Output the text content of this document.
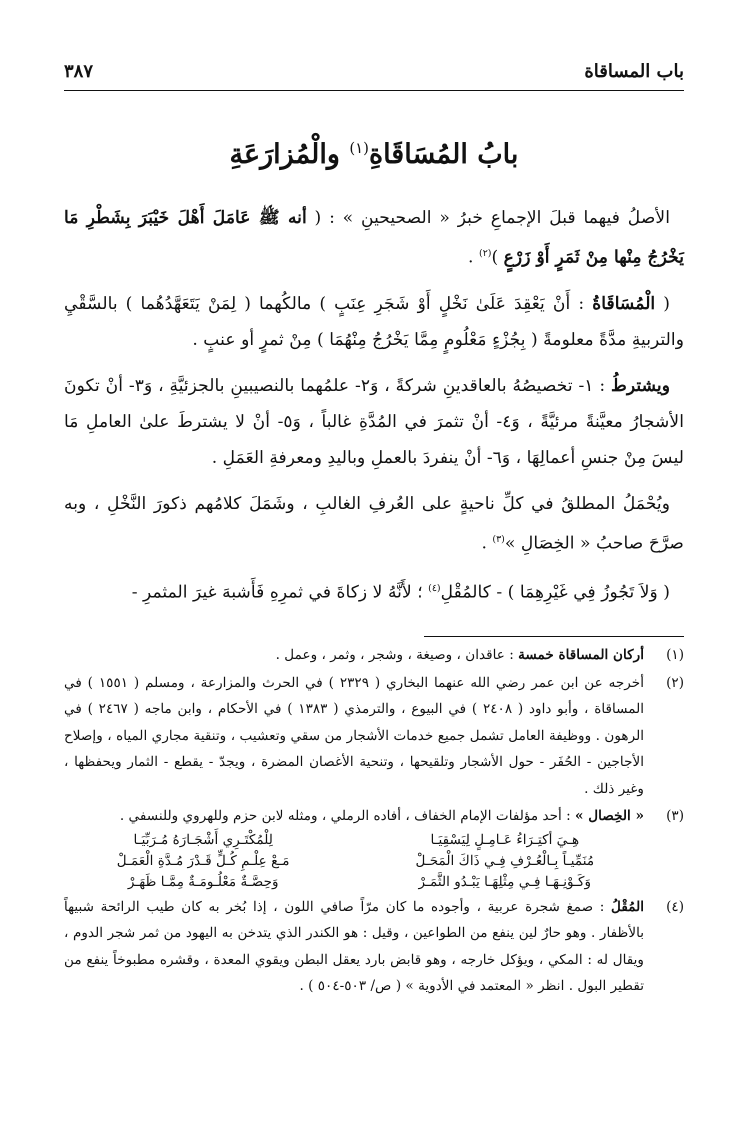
باب المساقاة
٣٨٧
بابُ المُسَاقَاةِ$^{(١)}$ والْمُزارَعَةِ

الأصلُ فيهما قبلَ الإجماعِ خبرُ « الصحيحينِ » : ( أنه ﷺ عَامَلَ أَهْلَ خَيْبَرَ بِشَطْرِ مَا يَخْرُجُ مِنْها مِنْ ثَمَرٍ أَوْ زَرْعٍ )$^{(٢)}$ .

( الْمُسَاقَاةُ : أَنْ يَعْقِدَ عَلَىٰ نَخْلٍ أَوْ شَجَرِ عِنَبٍ ) مالكُهما ( لِمَنْ يَتَعَهَّدُهُما ) بالسَّقْيِ والتربيةِ مدَّةً معلومةً ( بِجُزْءٍ مَعْلُومٍ مِمَّا يَخْرُجُ مِنْهُمَا ) مِنْ ثمرٍ أو عنبٍ .

ويشترطُ : ١- تخصيصُهُ بالعاقدينِ شركةً ، وَ٢- علمُهما بالنصيبينِ بالجزئيَّةِ ، وَ٣- أنْ تكونَ الأشجارُ معيَّنةً مرئيَّةً ، وَ٤- أنْ تثمرَ في المُدَّةِ غالباً ، وَ٥- أنْ لا يشترطَ علىٰ العاملِ مَا ليسَ مِنْ جنسِ أعمالِهَا ، وَ٦- أنْ ينفردَ بالعملِ وباليدِ ومعرفةِ العَمَلِ .

ويُحْمَلُ المطلقُ في كلِّ ناحيةٍ على العُرفِ الغالبِ ، وشَمَلَ كلامُهم ذكورَ النَّخْلِ ، وبه صرَّحَ صاحبُ « الخِصَالِ »$^{(٣)}$ .

( وَلاَ تَجُوزُ فِي غَيْرِهِمَا ) - كالمُقْلِ$^{(٤)}$ ؛ لأَنَّهُ لا زكاةَ في ثمرِهِ فَأَشبهَ غيرَ المثمرِ -

(١)
أركان المساقاة خمسة : عاقدان ، وصيغة ، وشجر ، وثمر ، وعمل .
(٢)
أخرجه عن ابن عمر رضي الله عنهما البخاري ( ٢٣٢٩ ) في الحرث والمزارعة ، ومسلم ( ١٥٥١ ) في المساقاة ، وأبو داود ( ٢٤٠٨ ) في البيوع ، والترمذي ( ١٣٨٣ ) في الأحكام ، وابن ماجه ( ٢٤٦٧ ) في الرهون . ووظيفة العامل تشمل جميع خدمات الأشجار من سقي وتعشيب ، وتنقية مجاري المياه ، وإصلاح الأجاجين - الحُفَر - حول الأشجار وتلقيحها ، وتنحية الأغصان المضرة ، ويجدّ - يقطع - الثمار ويحفظها ، وغير ذلك .
(٣)
« الخِصال » : أحد مؤلفات الإمام الخفاف ، أفاده الرملي ، ومثله لابن حزم وللهروي وللنسفي .
هِـيَ أكتِـرَاءُ عَـامِـلٍ لِيَسْقِيَـا
لِلْمُكْتَـرِي أَشْجَـارَهُ مُـرَبِّيَـا
مُنَمِّيـاً بِـالْعُـرْفِ فِـي ذَاكَ الْمَحَـلْ
مَـعْ عِلْـمِ كُـلٍّ قَـدْرَ مُـدَّةِ الْعَمَـلْ
وَكَـوْنِـهَـا فِـي مِثْلِهَـا يَبْـدُو الثَّمَـرْ
وَحِصَّـةٌ مَعْلُـومَـةٌ مِمَّـا ظَهَـرْ
(٤)
المُقْلُ : صمغ شجرة عربية ، وأجوده ما كان مرّاً صافي اللون ، إذا بُخر به كان طيب الرائحة شبيهاً بالأظفار . وهو حارٌ لين ينفع من الطواعين ، وقيل : هو الكندر الذي يتدخن به اليهود من ثمر شجر الدوم ، ويقال له : المكي ، ويؤكل خارجه ، وهو قابض بارد يعقل البطن ويقوي المعدة ، وقشره مطبوخاً ينفع من تقطير البول . انظر « المعتمد في الأدوية » ( ص/ ٥٠٣-٥٠٤ ) .
